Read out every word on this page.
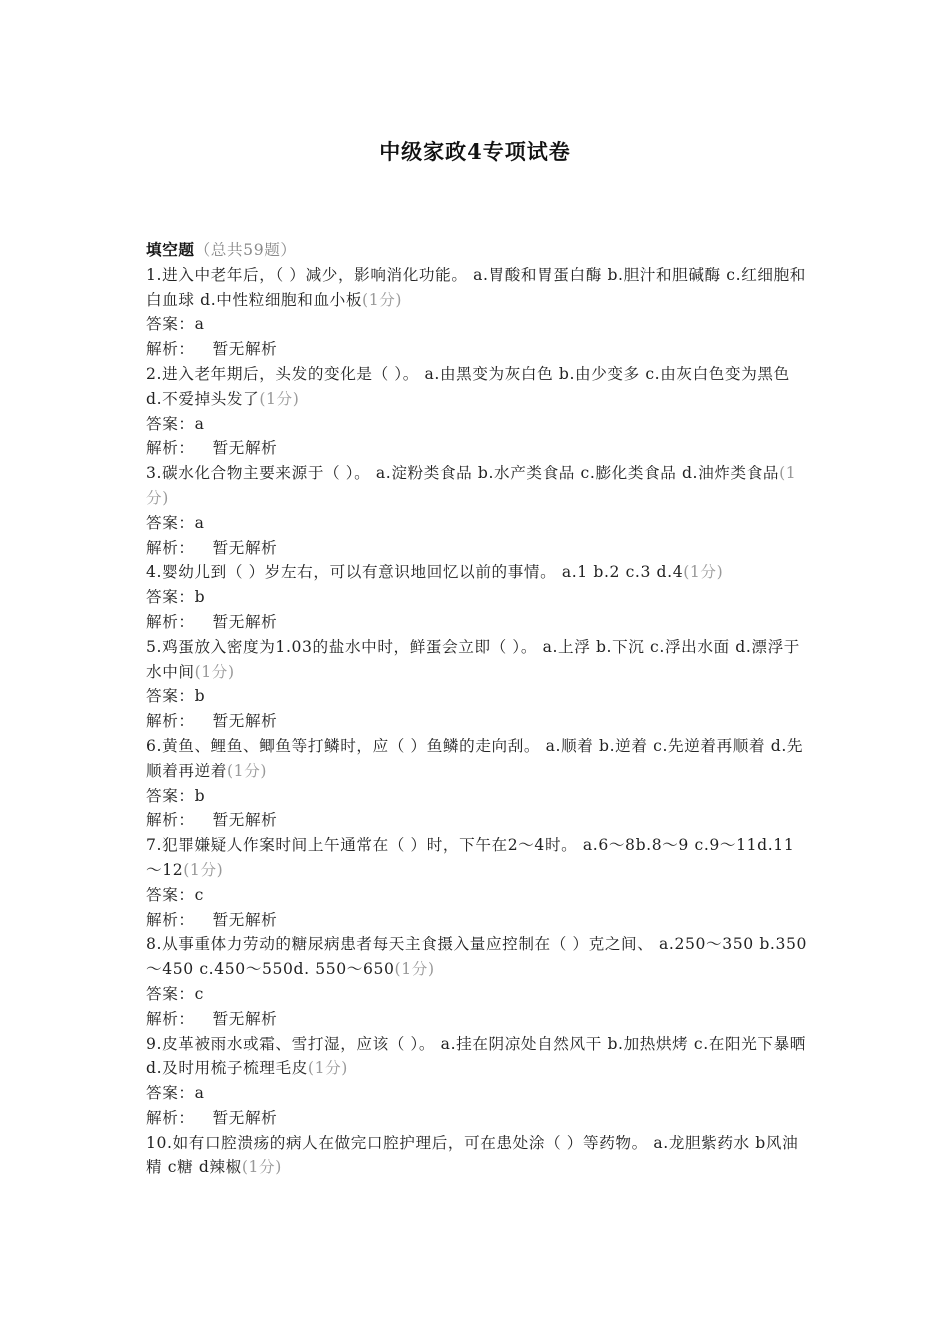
中级家政4专项试卷
填空题（总共59题）
1.进入中老年后，（ ）减少，影响消化功能。 a.胃酸和胃蛋白酶 b.胆汁和胆碱酶 c.红细胞和白血球 d.中性粒细胞和血小板(1分)
答案：a
解析： 暂无解析
2.进入老年期后，头发的变化是（ ）。 a.由黑变为灰白色 b.由少变多 c.由灰白色变为黑色 d.不爱掉头发了(1分)
答案：a
解析： 暂无解析
3.碳水化合物主要来源于（ ）。 a.淀粉类食品 b.水产类食品 c.膨化类食品 d.油炸类食品(1分)
答案：a
解析： 暂无解析
4.婴幼儿到（ ）岁左右，可以有意识地回忆以前的事情。 a.1 b.2 c.3 d.4(1分)
答案：b
解析： 暂无解析
5.鸡蛋放入密度为1.03的盐水中时，鲜蛋会立即（ ）。 a.上浮 b.下沉 c.浮出水面 d.漂浮于水中间(1分)
答案：b
解析： 暂无解析
6.黄鱼、鲤鱼、鲫鱼等打鳞时，应（ ）鱼鳞的走向刮。 a.顺着 b.逆着 c.先逆着再顺着 d.先顺着再逆着(1分)
答案：b
解析： 暂无解析
7.犯罪嫌疑人作案时间上午通常在（ ）时，下午在2～4时。 a.6～8b.8～9 c.9～11d.11～12(1分)
答案：c
解析： 暂无解析
8.从事重体力劳动的糖尿病患者每天主食摄入量应控制在（ ）克之间、 a.250～350 b.350～450 c.450～550d. 550～650(1分)
答案：c
解析： 暂无解析
9.皮革被雨水或霜、雪打湿，应该（ ）。 a.挂在阴凉处自然风干 b.加热烘烤 c.在阳光下暴晒 d.及时用梳子梳理毛皮(1分)
答案：a
解析： 暂无解析
10.如有口腔溃疡的病人在做完口腔护理后，可在患处涂（ ）等药物。 a.龙胆紫药水 b风油精 c糖 d辣椒(1分)
